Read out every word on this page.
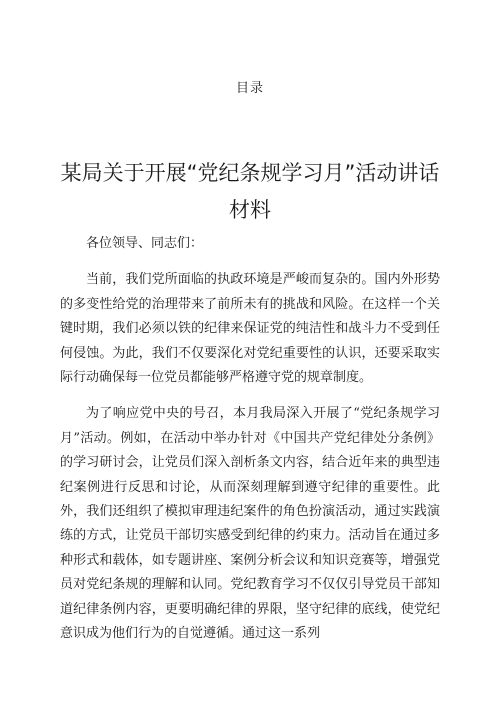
目录
某局关于开展“党纪条规学习月”活动讲话材料

各位领导、同志们：

当前，我们党所面临的执政环境是严峻而复杂的。国内外形势的多变性给党的治理带来了前所未有的挑战和风险。在这样一个关键时期，我们必须以铁的纪律来保证党的纯洁性和战斗力不受到任何侵蚀。为此，我们不仅要深化对党纪重要性的认识，还要采取实际行动确保每一位党员都能够严格遵守党的规章制度。

为了响应党中央的号召，本月我局深入开展了“党纪条规学习月”活动。例如，在活动中举办针对《中国共产党纪律处分条例》的学习研讨会，让党员们深入剖析条文内容，结合近年来的典型违纪案例进行反思和讨论，从而深刻理解到遵守纪律的重要性。此外，我们还组织了模拟审理违纪案件的角色扮演活动，通过实践演练的方式，让党员干部切实感受到纪律的约束力。活动旨在通过多种形式和载体，如专题讲座、案例分析会议和知识竞赛等，增强党员对党纪条规的理解和认同。党纪教育学习不仅仅引导党员干部知道纪律条例内容，更要明确纪律的界限，坚守纪律的底线，使党纪意识成为他们行为的自觉遵循。通过这一系列
